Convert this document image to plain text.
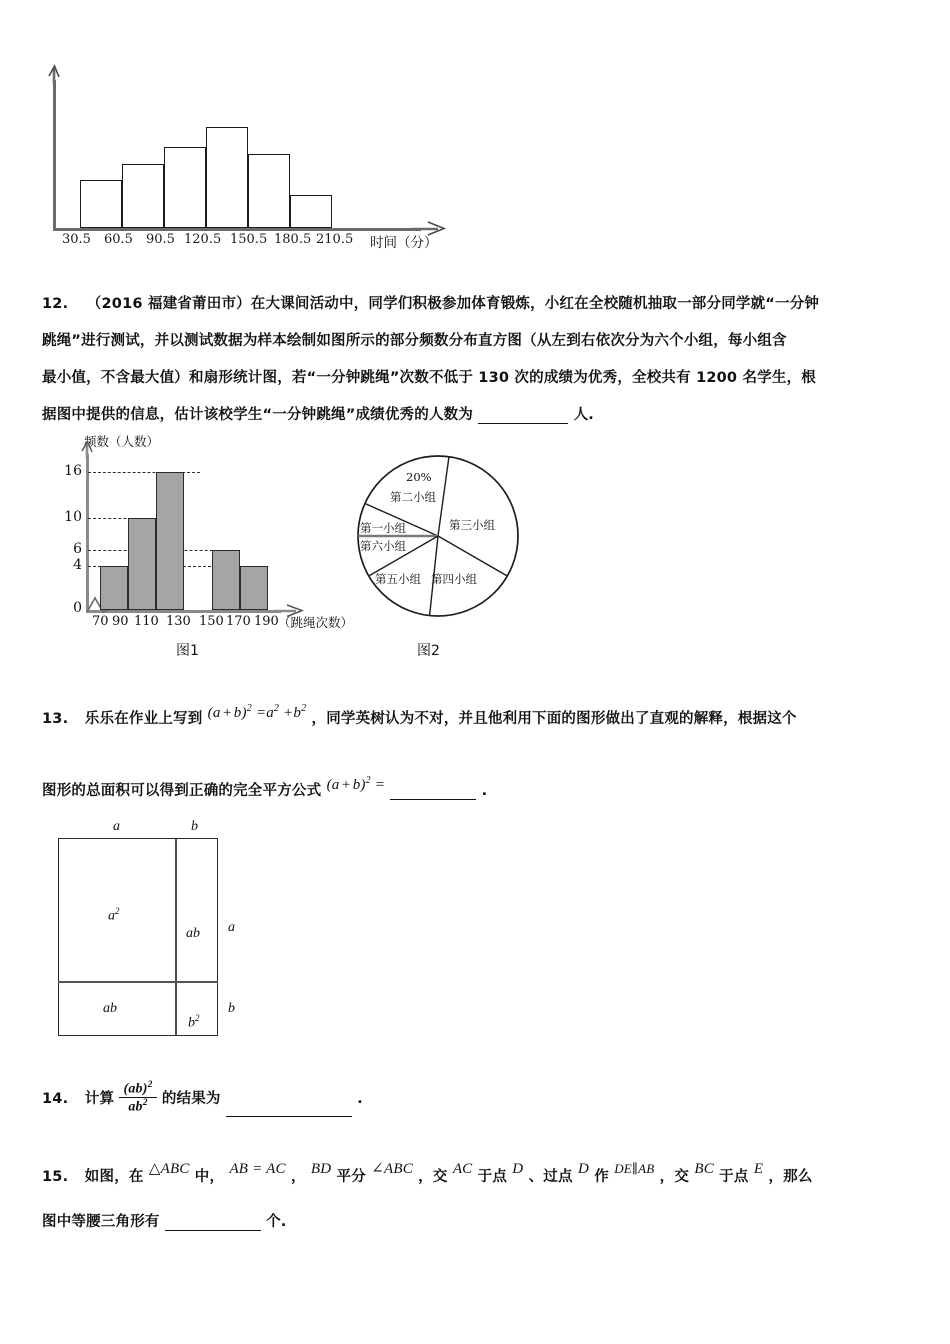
30.5 60.5 90.5 120.5 150.5 180.5 210.5 时间（分）
12. （2016 福建省莆田市）在大课间活动中，同学们积极参加体育锻炼，小红在全校随机抽取一部分同学就“一分钟
跳绳”进行测试，并以测试数据为样本绘制如图所示的部分频数分布直方图（从左到右依次分为六个小组，每小组含
最小值，不含最大值）和扇形统计图，若“一分钟跳绳”次数不低于 130 次的成绩为优秀，全校共有 1200 名学生，根
据图中提供的信息，估计该校学生“一分钟跳绳”成绩优秀的人数为	人.
频数（人数）
16
10
6
4
0
70 90 110 130 150 170 190 （跳绳次数）
图1
20%
第二小组
第三小组
第一小组
第六小组
第五小组 第四小组
图2
13. 乐乐在作业上写到 (a + $b)^2 =a^2 +b^2$ ，同学英树认为不对，并且他利用下面的图形做出了直观的解释，根据这个
图形的总面积可以得到正确的完全平方公式 (a + b)$^2$ =	.
a	b
a
b
$a^2$
ab
ab
$b^2$
14. 计算 $\frac{(ab)^2}{ab^2}$ 的结果为	.
15. 如图，在 △ABC 中， AB = AC ， BD 平分 ∠ABC ，交 AC 于点 D 、过点 D 作 DE∥AB ，交 BC 于点 E ，那么
图中等腰三角形有	个.
